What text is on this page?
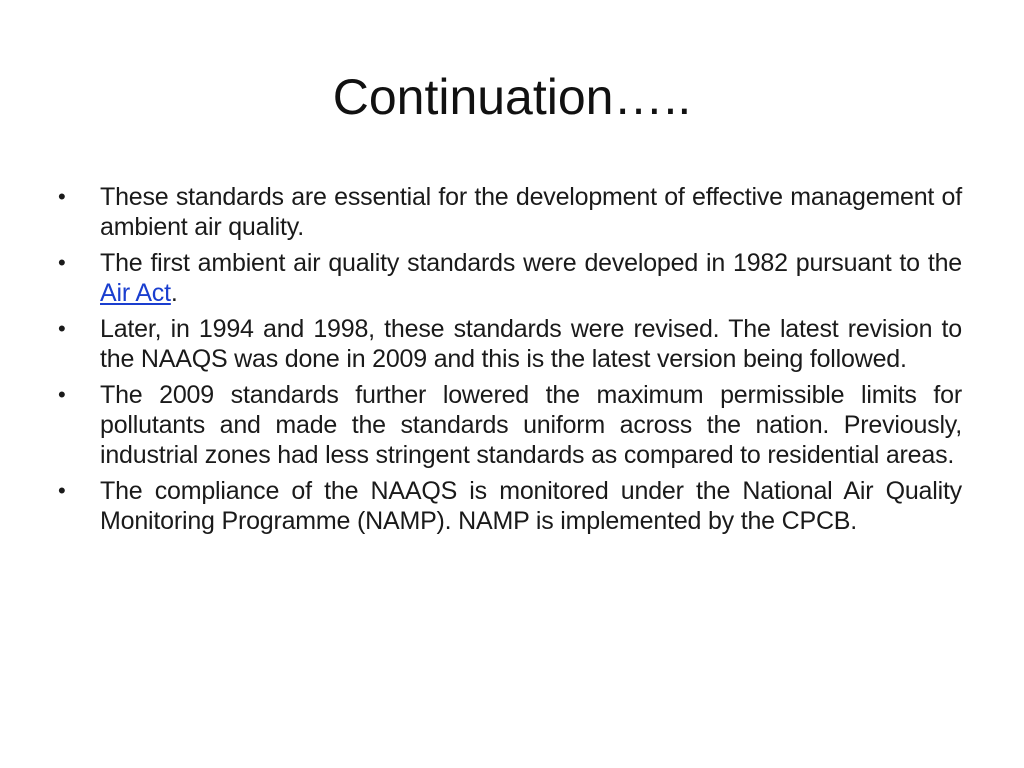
Continuation…..
•	These standards are essential for the development of effective management of ambient air quality.
•	The first ambient air quality standards were developed in 1982 pursuant to the Air Act.
•	Later, in 1994 and 1998, these standards were revised. The latest revision to the NAAQS was done in 2009 and this is the latest version being followed.
•	The 2009 standards further lowered the maximum permissible limits for pollutants and made the standards uniform across the nation. Previously, industrial zones had less stringent standards as compared to residential areas.
•	The compliance of the NAAQS is monitored under the National Air Quality Monitoring Programme (NAMP). NAMP is implemented by the CPCB.
